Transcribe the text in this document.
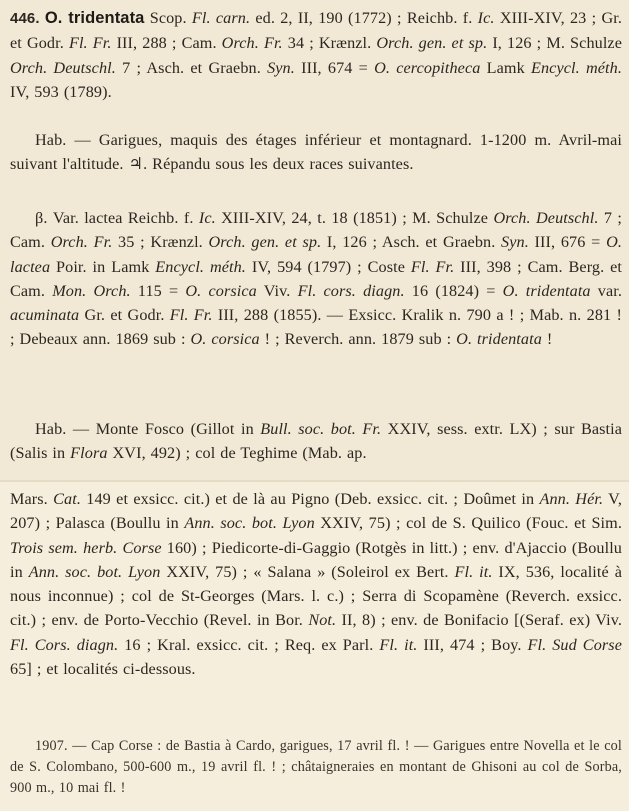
446. O. tridentata Scop. Fl. carn. ed. 2, II, 190 (1772) ; Reichb. f. Ic. XIII-XIV, 23 ; Gr. et Godr. Fl. Fr. III, 288 ; Cam. Orch. Fr. 34 ; Krænzl. Orch. gen. et sp. I, 126 ; M. Schulze Orch. Deutschl. 7 ; Asch. et Graebn. Syn. III, 674 = O. cercopitheca Lamk Encycl. méth. IV, 593 (1789).

Hab. — Garigues, maquis des étages inférieur et montagnard. 1-1200 m. Avril-mai suivant l'altitude. ♃. Répandu sous les deux races suivantes.

β. Var. lactea Reichb. f. Ic. XIII-XIV, 24, t. 18 (1851) ; M. Schulze Orch. Deutschl. 7 ; Cam. Orch. Fr. 35 ; Krænzl. Orch. gen. et sp. I, 126 ; Asch. et Graebn. Syn. III, 676 = O. lactea Poir. in Lamk Encycl. méth. IV, 594 (1797) ; Coste Fl. Fr. III, 398 ; Cam. Berg. et Cam. Mon. Orch. 115 = O. corsica Viv. Fl. cors. diagn. 16 (1824) = O. tridentata var. acuminata Gr. et Godr. Fl. Fr. III, 288 (1855). — Exsicc. Kralik n. 790 a ! ; Mab. n. 281 ! ; Debeaux ann. 1869 sub : O. corsica ! ; Reverch. ann. 1879 sub : O. tridentata !

Hab. — Monte Fosco (Gillot in Bull. soc. bot. Fr. XXIV, sess. extr. LX) ; sur Bastia (Salis in Flora XVI, 492) ; col de Teghime (Mab. ap.

Mars. Cat. 149 et exsicc. cit.) et de là au Pigno (Deb. exsicc. cit. ; Doûmet in Ann. Hér. V, 207) ; Palasca (Boullu in Ann. soc. bot. Lyon XXIV, 75) ; col de S. Quilico (Fouc. et Sim. Trois sem. herb. Corse 160) ; Piedicorte-di-Gaggio (Rotgès in litt.) ; env. d'Ajaccio (Boullu in Ann. soc. bot. Lyon XXIV, 75) ; « Salana » (Soleirol ex Bert. Fl. it. IX, 536, localité à nous inconnue) ; col de St-Georges (Mars. l. c.) ; Serra di Scopamène (Reverch. exsicc. cit.) ; env. de Porto-Vecchio (Revel. in Bor. Not. II, 8) ; env. de Bonifacio [(Seraf. ex) Viv. Fl. Cors. diagn. 16 ; Kral. exsicc. cit. ; Req. ex Parl. Fl. it. III, 474 ; Boy. Fl. Sud Corse 65] ; et localités ci-dessous.

1907. — Cap Corse : de Bastia à Cardo, garigues, 17 avril fl. ! — Garigues entre Novella et le col de S. Colombano, 500-600 m., 19 avril fl. ! ; châtaigneraies en montant de Ghisoni au col de Sorba, 900 m., 10 mai fl. !
